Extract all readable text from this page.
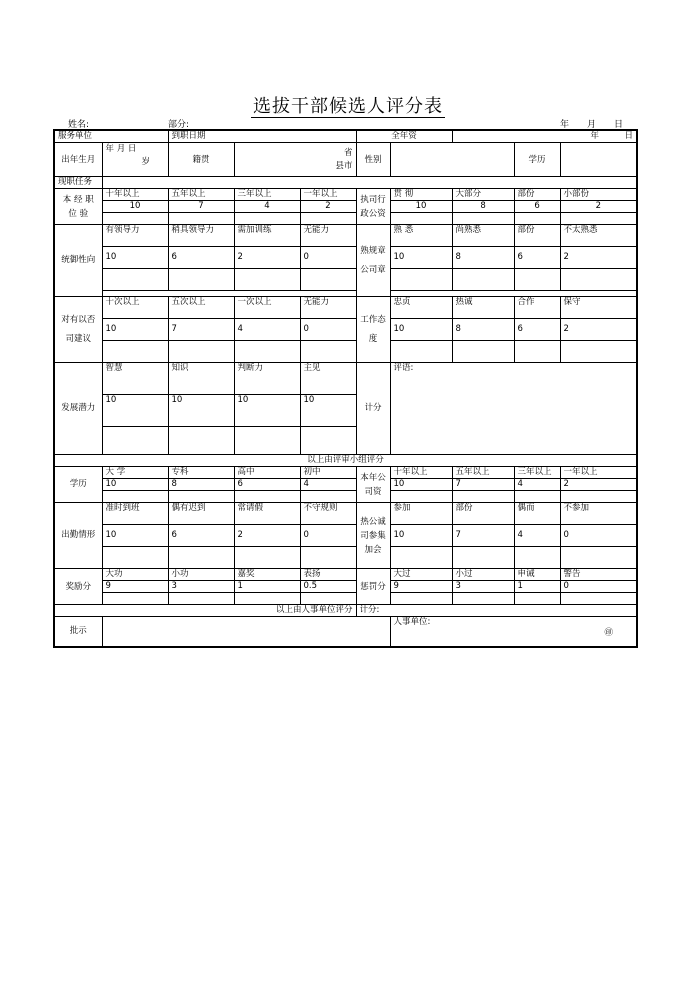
选拔干部候选人评分表
姓名:	部分:	年　　月　　日
服务单位		到职日期			全年资		年　　　日		
出年生月	年 月 日
岁	籍贯	省
县市		性别			学历	
现职任务									
本 经 职 位 验	十年以上	五年以上	三年以上	一年以上	执司行政公资	贯 彻	大部分	部份	小部份
	10	7	4	2		10	8	6	2

统御性向	有领导力	稍具领导力	需加训练	无能力	熟规章公司章	熟 悉	尚熟悉	部份	不太熟悉
	10	6	2	0		10	8	6	2

对有以否司建议	十次以上	五次以上	一次以上	无能力	工作态度	忠贞	热诚	合作	保守
	10	7	4	0		10	8	6	2

发展潜力	智慧	知识	判断力	主见	计分	评语:			
	10	10	10	10					

以上由评审小组评分									
学历	大 学	专科	高中	初中	本年公司资	十年以上	五年以上	三年以上	一年以上
	10	8	6	4		10	7	4	2

出勤情形	准时到班	偶有迟到	常请假	不守规则	热公诚司参集加会	参加	部份	偶而	不参加
	10	6	2	0		10	7	4	0

奖励分	大功	小功	嘉奖	表扬	惩罚分	大过	小过	申诫	警告
	9	3	1	0.5		9	3	1	0

以上由人事单位评分					计分:				
批示						人事单位:

㊞			
